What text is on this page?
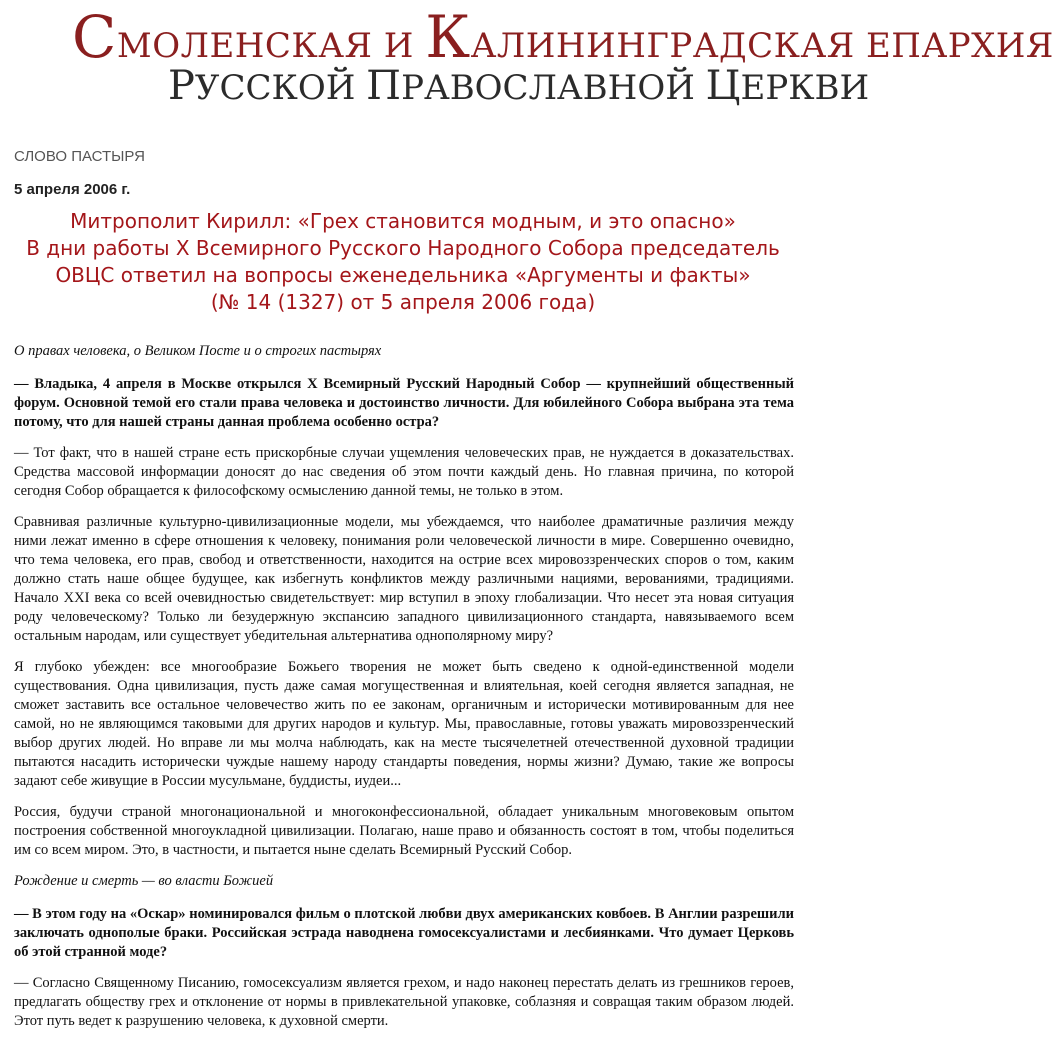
СМОЛЕНСКАЯ И КАЛИНИНГРАДСКАЯ ЕПАРХИЯ
РУССКОЙ ПРАВОСЛАВНОЙ ЦЕРКВИ
СЛОВО ПАСТЫРЯ
5 апреля 2006 г.
Митрополит Кирилл: «Грех становится модным, и это опасно»
В дни работы X Всемирного Русского Народного Собора председатель
ОВЦС ответил на вопросы еженедельника «Аргументы и факты»
(№ 14 (1327) от 5 апреля 2006 года)

О правах человека, о Великом Посте и о строгих пастырях

— Владыка, 4 апреля в Москве открылся X Всемирный Русский Народный Собор — крупнейший общественный форум. Основной темой его стали права человека и достоинство личности. Для юбилейного Собора выбрана эта тема потому, что для нашей страны данная проблема особенно остра?

— Тот факт, что в нашей стране есть прискорбные случаи ущемления человеческих прав, не нуждается в доказательствах. Средства массовой информации доносят до нас сведения об этом почти каждый день. Но главная причина, по которой сегодня Собор обращается к философскому осмыслению данной темы, не только в этом.

Сравнивая различные культурно-цивилизационные модели, мы убеждаемся, что наиболее драматичные различия между ними лежат именно в сфере отношения к человеку, понимания роли человеческой личности в мире. Совершенно очевидно, что тема человека, его прав, свобод и ответственности, находится на острие всех мировоззренческих споров о том, каким должно стать наше общее будущее, как избегнуть конфликтов между различными нациями, верованиями, традициями. Начало XXI века со всей очевидностью свидетельствует: мир вступил в эпоху глобализации. Что несет эта новая ситуация роду человеческому? Только ли безудержную экспансию западного цивилизационного стандарта, навязываемого всем остальным народам, или существует убедительная альтернатива однополярному миру?

Я глубоко убежден: все многообразие Божьего творения не может быть сведено к одной-единственной модели существования. Одна цивилизация, пусть даже самая могущественная и влиятельная, коей сегодня является западная, не сможет заставить все остальное человечество жить по ее законам, органичным и исторически мотивированным для нее самой, но не являющимся таковыми для других народов и культур. Мы, православные, готовы уважать мировоззренческий выбор других людей. Но вправе ли мы молча наблюдать, как на месте тысячелетней отечественной духовной традиции пытаются насадить исторически чуждые нашему народу стандарты поведения, нормы жизни? Думаю, такие же вопросы задают себе живущие в России мусульмане, буддисты, иудеи...

Россия, будучи страной многонациональной и многоконфессиональной, обладает уникальным многовековым опытом построения собственной многоукладной цивилизации. Полагаю, наше право и обязанность состоят в том, чтобы поделиться им со всем миром. Это, в частности, и пытается ныне сделать Всемирный Русский Собор.

Рождение и смерть — во власти Божией

— В этом году на «Оскар» номинировался фильм о плотской любви двух американских ковбоев. В Англии разрешили заключать однополые браки. Российская эстрада наводнена гомосексуалистами и лесбиянками. Что думает Церковь об этой странной моде?

— Согласно Священному Писанию, гомосексуализм является грехом, и надо наконец перестать делать из грешников героев, предлагать обществу грех и отклонение от нормы в привлекательной упаковке, соблазняя и совращая таким образом людей. Этот путь ведет к разрушению человека, к духовной смерти.
